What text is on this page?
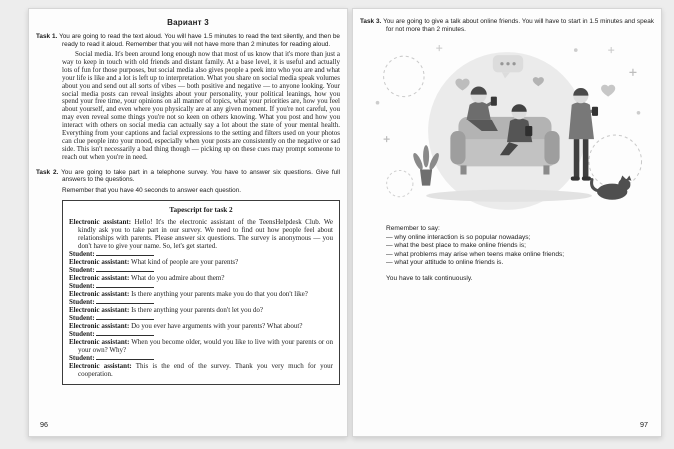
Вариант 3
Task 1. You are going to read the text aloud. You will have 1.5 minutes to read the text silently, and then be ready to read it aloud. Remember that you will not have more than 2 minutes for reading aloud.

Social media. It's been around long enough now that most of us know that it's more than just a way to keep in touch with old friends and distant family. At a base level, it is useful and actually lots of fun for those purposes, but social media also gives people a peek into who you are and what your life is like and a lot is left up to interpretation. What you share on social media speak volumes about you and send out all sorts of vibes — both positive and negative — to anyone looking. Your social media posts can reveal insights about your personality, your political leanings, how you spend your free time, your opinions on all manner of topics, what your priorities are, how you feel about yourself, and even where you physically are at any given moment. If you're not careful, you may even reveal some things you're not so keen on others knowing. What you post and how you interact with others on social media can actually say a lot about the state of your mental health. Everything from your captions and facial expressions to the setting and filters used on your photos can clue people into your mood, especially when your posts are consistently on the negative or sad side. This isn't necessarily a bad thing though — picking up on these cues may prompt someone to reach out when you're in need.

Task 2. You are going to take part in a telephone survey. You have to answer six questions. Give full answers to the questions.
Remember that you have 40 seconds to answer each question.
Tapescript for task 2
Electronic assistant: Hello! It's the electronic assistant of the TeensHelpdesk Club. We kindly ask you to take part in our survey. We need to find out how people feel about relationships with parents. Please answer six questions. The survey is anonymous — you don't have to give your name. So, let's get started.
Student:
Electronic assistant: What kind of people are your parents?
Student:
Electronic assistant: What do you admire about them?
Student:
Electronic assistant: Is there anything your parents make you do that you don't like?
Student:
Electronic assistant: Is there anything your parents don't let you do?
Student:
Electronic assistant: Do you ever have arguments with your parents? What about?
Student:
Electronic assistant: When you become older, would you like to live with your parents or on your own? Why?
Student:
Electronic assistant: This is the end of the survey. Thank you very much for your cooperation.
96
Task 3. You are going to give a talk about online friends. You will have to start in 1.5 minutes and speak for not more than 2 minutes.
Remember to say:
— why online interaction is so popular nowadays;
— what the best place to make online friends is;
— what problems may arise when teens make online friends;
— what your attitude to online friends is.
You have to talk continuously.
97
